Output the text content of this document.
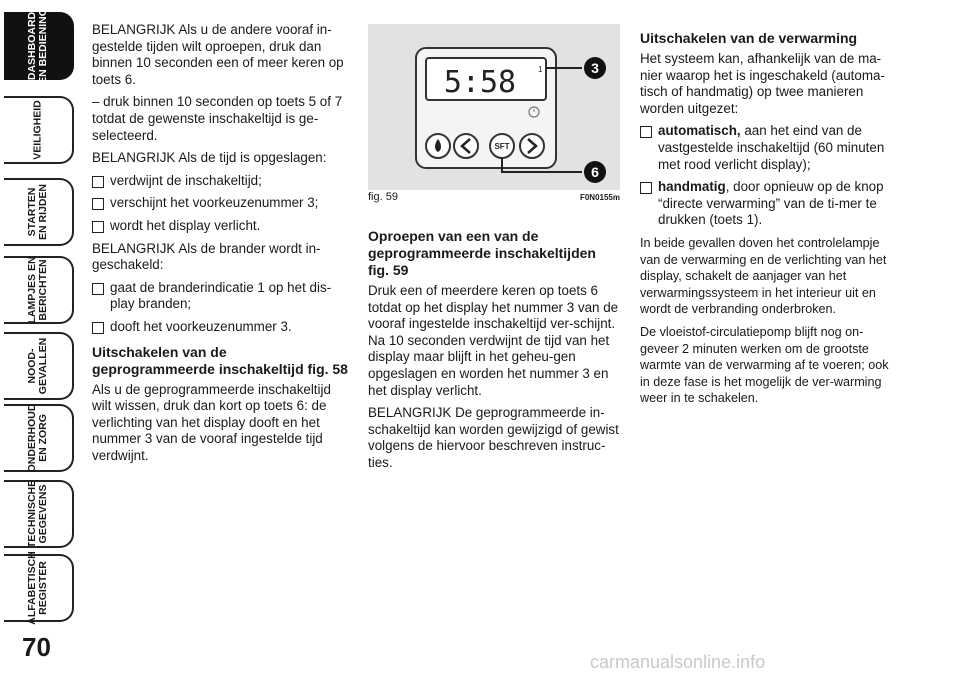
DASHBOARD
EN BEDIENING
VEILIGHEID
STARTEN
EN RIJDEN
LAMPJES EN
BERICHTEN
NOOD-
GEVALLEN
ONDERHOUD
EN ZORG
TECHNISCHE
GEGEVENS
ALFABETISCH
REGISTER
70

BELANGRIJK Als u de andere vooraf in-gestelde tijden wilt oproepen, druk dan binnen 10 seconden een of meer keren op toets 6.

– druk binnen 10 seconden op toets 5 of 7 totdat de gewenste inschakeltijd is ge-selecteerd.

BELANGRIJK Als de tijd is opgeslagen:

verdwijnt de inschakeltijd;
verschijnt het voorkeuzenummer 3;
wordt het display verlicht.

BELANGRIJK Als de brander wordt in-geschakeld:

gaat de branderindicatie 1 op het dis-play branden;
dooft het voorkeuzenummer 3.
Uitschakelen van de geprogrammeerde inschakeltijd fig. 58

Als u de geprogrammeerde inschakeltijd wilt wissen, druk dan kort op toets 6: de verlichting van het display dooft en het nummer 3 van de vooraf ingestelde tijd verdwijnt.

5:58	1
SFT
3
6
fig. 59	F0N0155m
Oproepen van een van de geprogrammeerde inschakeltijden fig. 59

Druk een of meerdere keren op toets 6 totdat op het display het nummer 3 van de vooraf ingestelde inschakeltijd ver-schijnt. Na 10 seconden verdwijnt de tijd van het display maar blijft in het geheu-gen opgeslagen en worden het nummer 3 en het display verlicht.

BELANGRIJK De geprogrammeerde in-schakeltijd kan worden gewijzigd of gewist volgens de hiervoor beschreven instruc-ties.

Uitschakelen van de verwarming

Het systeem kan, afhankelijk van de ma-nier waarop het is ingeschakeld (automa-tisch of handmatig) op twee manieren worden uitgezet:

automatisch, aan het eind van de vastgestelde inschakeltijd (60 minuten met rood verlicht display);
handmatig, door opnieuw op de knop “directe verwarming” van de ti-mer te drukken (toets 1).

In beide gevallen doven het controlelampje van de verwarming en de verlichting van het display, schakelt de aanjager van het verwarmingssysteem in het interieur uit en wordt de verbranding onderbroken.

De vloeistof-circulatiepomp blijft nog on-geveer 2 minuten werken om de grootste warmte van de verwarming af te voeren; ook in deze fase is het mogelijk de ver-warming weer in te schakelen.

carmanualsonline.info
